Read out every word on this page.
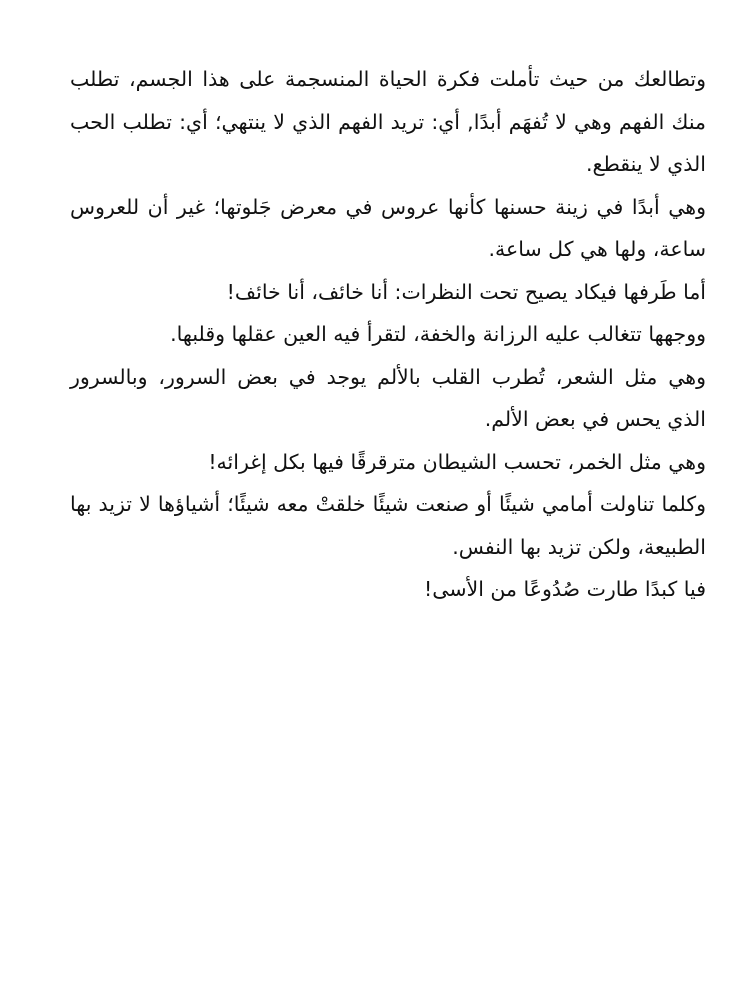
وتطالعك من حيث تأملت فكرة الحياة المنسجمة على هذا الجسم، تطلب منك الفهم وهي لا تُفهَم أبدًا, أي: تريد الفهم الذي لا ينتهي؛ أي: تطلب الحب الذي لا ينقطع.

وهي أبدًا في زينة حسنها كأنها عروس في معرض جَلوتها؛ غير أن للعروس ساعة، ولها هي كل ساعة.

أما طَرفها فيكاد يصيح تحت النظرات: أنا خائف، أنا خائف!

ووجهها تتغالب عليه الرزانة والخفة، لتقرأ فيه العين عقلها وقلبها.

وهي مثل الشعر، تُطرب القلب بالألم يوجد في بعض السرور، وبالسرور الذي يحس في بعض الألم.

وهي مثل الخمر، تحسب الشيطان مترقرقًا فيها بكل إغرائه!

وكلما تناولت أمامي شيئًا أو صنعت شيئًا خلقتْ معه شيئًا؛ أشياؤها لا تزيد بها الطبيعة، ولكن تزيد بها النفس.

فيا كبدًا طارت صُدُوعًا من الأسى!
